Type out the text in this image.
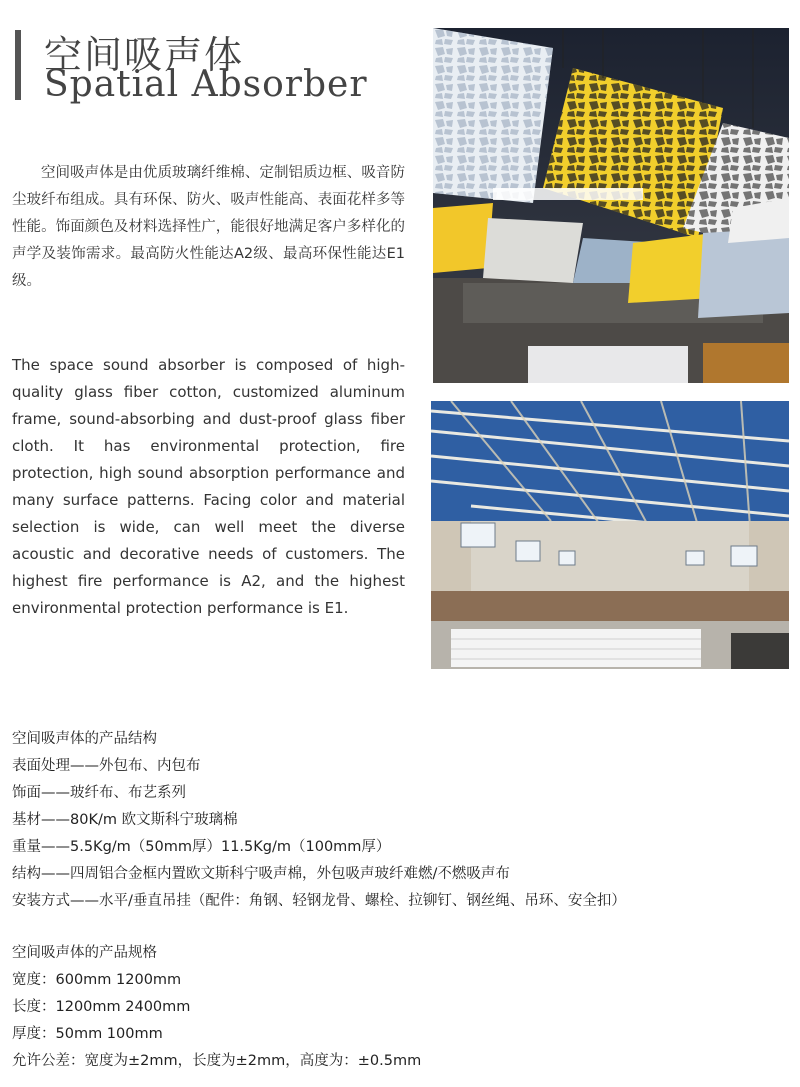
空间吸声体
Spatial Absorber
空间吸声体是由优质玻璃纤维棉、定制铝质边框、吸音防尘玻纤布组成。具有环保、防火、吸声性能高、表面花样多等性能。饰面颜色及材料选择性广，能很好地满足客户多样化的声学及装饰需求。最高防火性能达A2级、最高环保性能达E1级。
The space sound absorber is composed of high-quality glass fiber cotton, customized aluminum frame, sound-absorbing and dust-proof glass fiber cloth. It has environmental protection, fire protection, high sound absorption performance and many surface patterns. Facing color and material selection is wide, can well meet the diverse acoustic and decorative needs of customers. The highest fire performance is A2, and the highest environmental protection performance is E1.
空间吸声体的产品结构
表面处理——外包布、内包布
饰面——玻纤布、布艺系列
基材——80K/m 欧文斯科宁玻璃棉
重量——5.5Kg/m（50mm厚）11.5Kg/m（100mm厚）
结构——四周铝合金框内置欧文斯科宁吸声棉，外包吸声玻纤难燃/不燃吸声布
安装方式——水平/垂直吊挂（配件：角钢、轻钢龙骨、螺栓、拉铆钉、钢丝绳、吊环、安全扣）
空间吸声体的产品规格
宽度：600mm 1200mm
长度：1200mm 2400mm
厚度：50mm 100mm
允许公差：宽度为±2mm，长度为±2mm，高度为：±0.5mm
